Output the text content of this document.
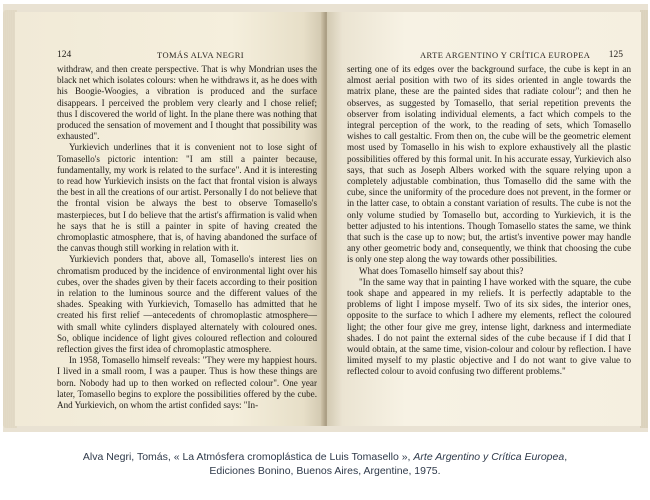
124	TOMÁS ALVA NEGRI

withdraw, and then create perspective. That is why Mondrian uses the black net which isolates colours: when he withdraws it, as he does with his Boogie-Woogies, a vibration is produced and the surface disappears. I perceived the problem very clearly and I chose relief; thus I discovered the world of light. In the plane there was nothing that produced the sensation of movement and I thought that possibility was exhausted".

Yurkievich underlines that it is convenient not to lose sight of Tomasello's pictoric intention: "I am still a painter because, fundamentally, my work is related to the surface". And it is interesting to read how Yurkievich insists on the fact that frontal vision is always the best in all the creations of our artist. Personally I do not believe that the frontal vision be always the best to observe Tomasello's masterpieces, but I do believe that the artist's affirmation is valid when he says that he is still a painter in spite of having created the chromoplastic atmosphere, that is, of having abandoned the surface of the canvas though still working in relation with it.

Yurkievich ponders that, above all, Tomasello's interest lies on chromatism produced by the incidence of environmental light over his cubes, over the shades given by their facets according to their position in relation to the luminous source and the different values of the shades. Speaking with Yurkievich, Tomasello has admitted that he created his first relief —antecedents of chromoplastic atmosphere— with small white cylinders displayed alternately with coloured ones. So, oblique incidence of light gives coloured reflection and coloured reflection gives the first idea of chromoplastic atmosphere.

In 1958, Tomasello himself reveals: "They were my happiest hours. I lived in a small room, I was a pauper. Thus is how these things are born. Nobody had up to then worked on reflected colour". One year later, Tomasello begins to explore the possibilities offered by the cube. And Yurkievich, on whom the artist confided says: "In-

ARTE ARGENTINO Y CRÍTICA EUROPEA 125

serting one of its edges over the background surface, the cube is kept in an almost aerial position with two of its sides oriented in angle towards the matrix plane, these are the painted sides that radiate colour"; and then he observes, as suggested by Tomasello, that serial repetition prevents the observer from isolating individual elements, a fact which compels to the integral perception of the work, to the reading of sets, which Tomasello wishes to call gestaltic. From then on, the cube will be the geometric element most used by Tomasello in his wish to explore exhaustively all the plastic possibilities offered by this formal unit. In his accurate essay, Yurkievich also says, that such as Joseph Albers worked with the square relying upon a completely adjustable combination, thus Tomasello did the same with the cube, since the uniformity of the procedure does not prevent, in the former or in the latter case, to obtain a constant variation of results. The cube is not the only volume studied by Tomasello but, according to Yurkievich, it is the better adjusted to his intentions. Though Tomasello states the same, we think that such is the case up to now; but, the artist's inventive power may handle any other geometric body and, consequently, we think that choosing the cube is only one step along the way towards other possibilities.

What does Tomasello himself say about this?

"In the same way that in painting I have worked with the square, the cube took shape and appeared in my reliefs. It is perfectly adaptable to the problems of light I impose myself. Two of its six sides, the interior ones, opposite to the surface to which I adhere my elements, reflect the coloured light; the other four give me grey, intense light, darkness and intermediate shades. I do not paint the external sides of the cube because if I did that I would obtain, at the same time, vision-colour and colour by reflection. I have limited myself to my plastic objective and I do not want to give value to reflected colour to avoid confusing two different problems."

Alva Negri, Tomás, « La Atmósfera cromoplástica de Luis Tomasello », Arte Argentino y Crítica Europea,
Ediciones Bonino, Buenos Aires, Argentine, 1975.
